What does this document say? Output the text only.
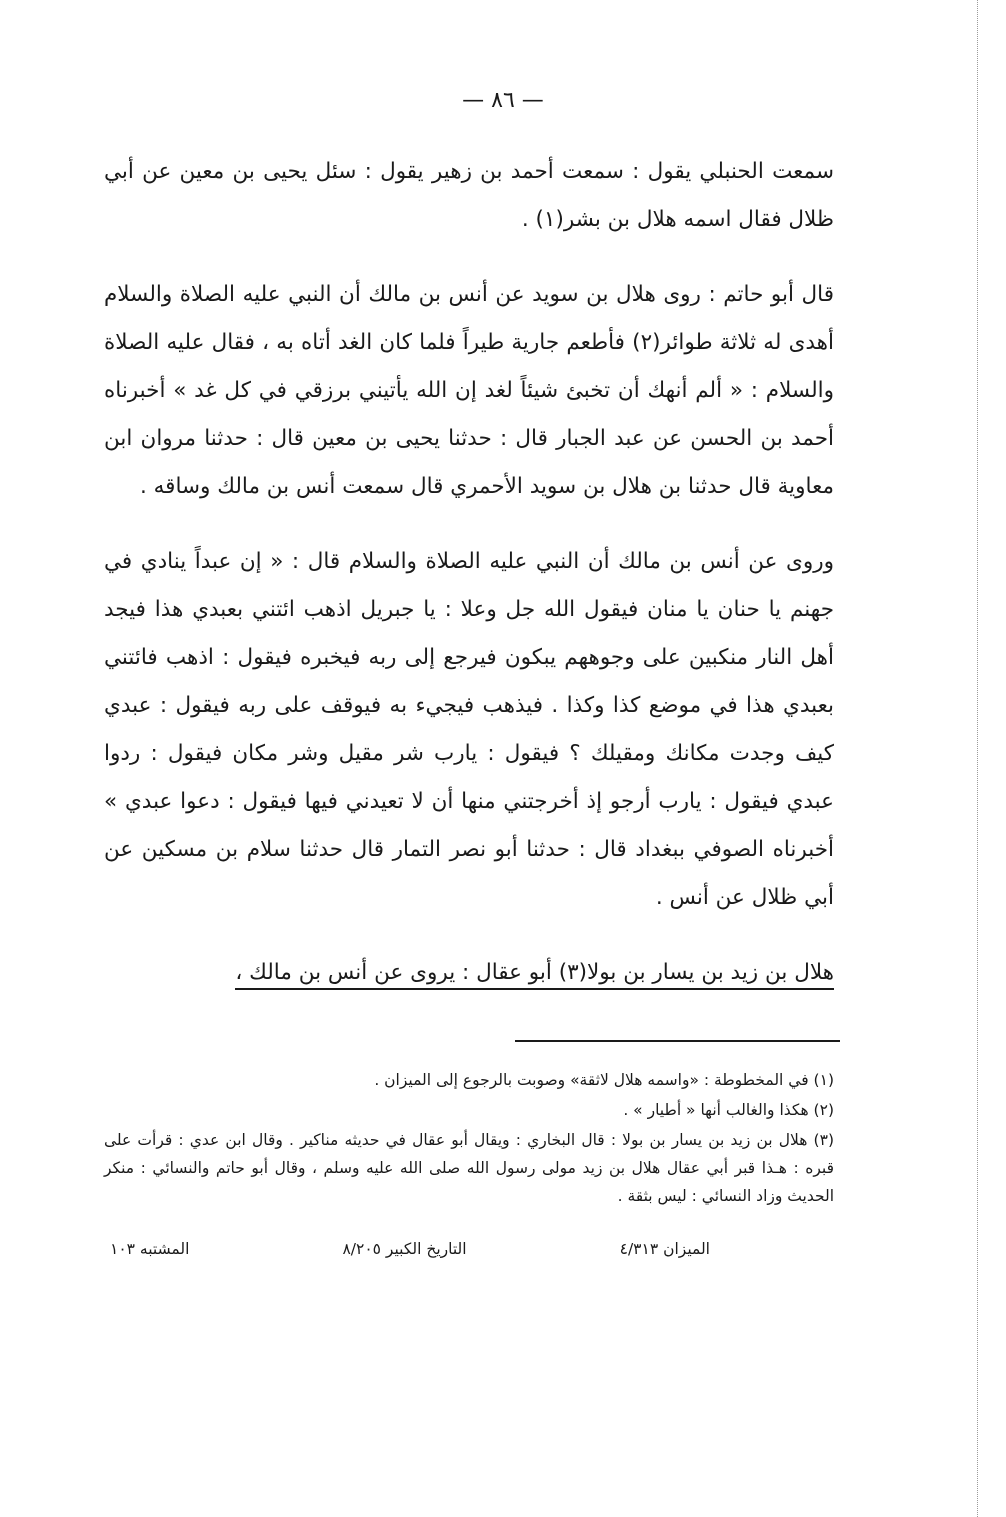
— ٨٦ —

سمعت الحنبلي يقول : سمعت أحمد بن زهير يقول : سئل يحيى بن معين عن أبي ظلال فقال اسمه هلال بن بشر(١) .

قال أبو حاتم : روى هلال بن سويد عن أنس بن مالك أن النبي عليه الصلاة والسلام أهدى له ثلاثة طوائر(٢) فأطعم جارية طيراً فلما كان الغد أتاه به ، فقال عليه الصلاة والسلام : « ألم أنهك أن تخبئ شيئاً لغد إن الله يأتيني برزقي في كل غد » أخبرناه أحمد بن الحسن عن عبد الجبار قال : حدثنا يحيى بن معين قال : حدثنا مروان ابن معاوية قال حدثنا بن هلال بن سويد الأحمري قال سمعت أنس بن مالك وساقه .

وروى عن أنس بن مالك أن النبي عليه الصلاة والسلام قال : « إن عبداً ينادي في جهنم يا حنان يا منان فيقول الله جل وعلا : يا جبريل اذهب ائتني بعبدي هذا فيجد أهل النار منكبين على وجوههم يبكون فيرجع إلى ربه فيخبره فيقول : اذهب فائتني بعبدي هذا في موضع كذا وكذا . فيذهب فيجيء به فيوقف على ربه فيقول : عبدي كيف وجدت مكانك ومقيلك ؟ فيقول : يارب شر مقيل وشر مكان فيقول : ردوا عبدي فيقول : يارب أرجو إذ أخرجتني منها أن لا تعيدني فيها فيقول : دعوا عبدي » أخبرناه الصوفي ببغداد قال : حدثنا أبو نصر التمار قال حدثنا سلام بن مسكين عن أبي ظلال عن أنس .

هلال بن زيد بن يسار بن بولا(٣) أبو عقال : يروى عن أنس بن مالك ،

(١) في المخطوطة : «واسمه هلال لاثقة» وصوبت بالرجوع إلى الميزان .

(٢) هكذا والغالب أنها « أطيار » .

(٣) هلال بن زيد بن يسار بن بولا : قال البخاري : ويقال أبو عقال في حديثه مناكير . وقال ابن عدي : قرأت على قبره : هـذا قبر أبي عقال هلال بن زيد مولى رسول الله صلى الله عليه وسلم ، وقال أبو حاتم والنسائي : منكر الحديث وزاد النسائي : ليس بثقة .

الميزان ٤/٣١٣
التاريخ الكبير ٨/٢٠٥
المشتبه ١٠٣
